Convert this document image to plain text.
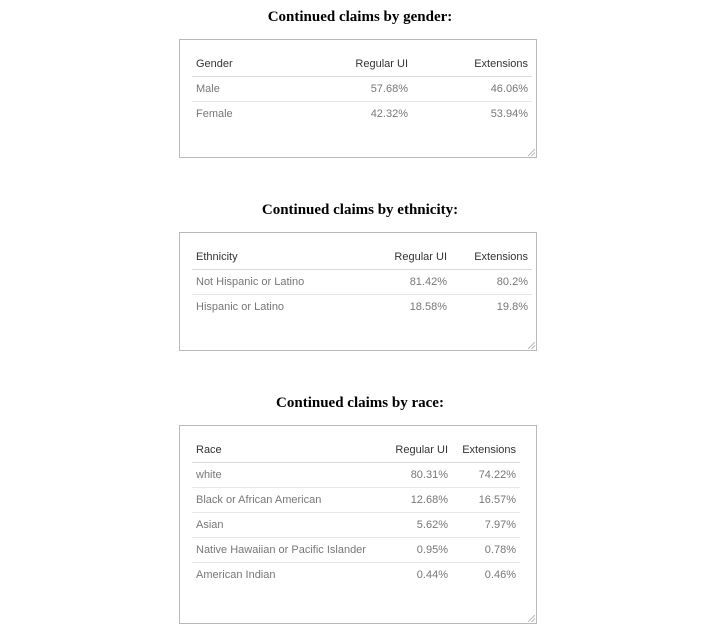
Continued claims by gender:
Gender	Regular UI	Extensions
Male	57.68%	46.06%
Female	42.32%	53.94%
Continued claims by ethnicity:
Ethnicity	Regular UI	Extensions
Not Hispanic or Latino	81.42%	80.2%
Hispanic or Latino	18.58%	19.8%
Continued claims by race:
Race	Regular UI	Extensions
white	80.31%	74.22%
Black or African American	12.68%	16.57%
Asian	5.62%	7.97%
Native Hawaiian or Pacific Islander	0.95%	0.78%
American Indian	0.44%	0.46%
